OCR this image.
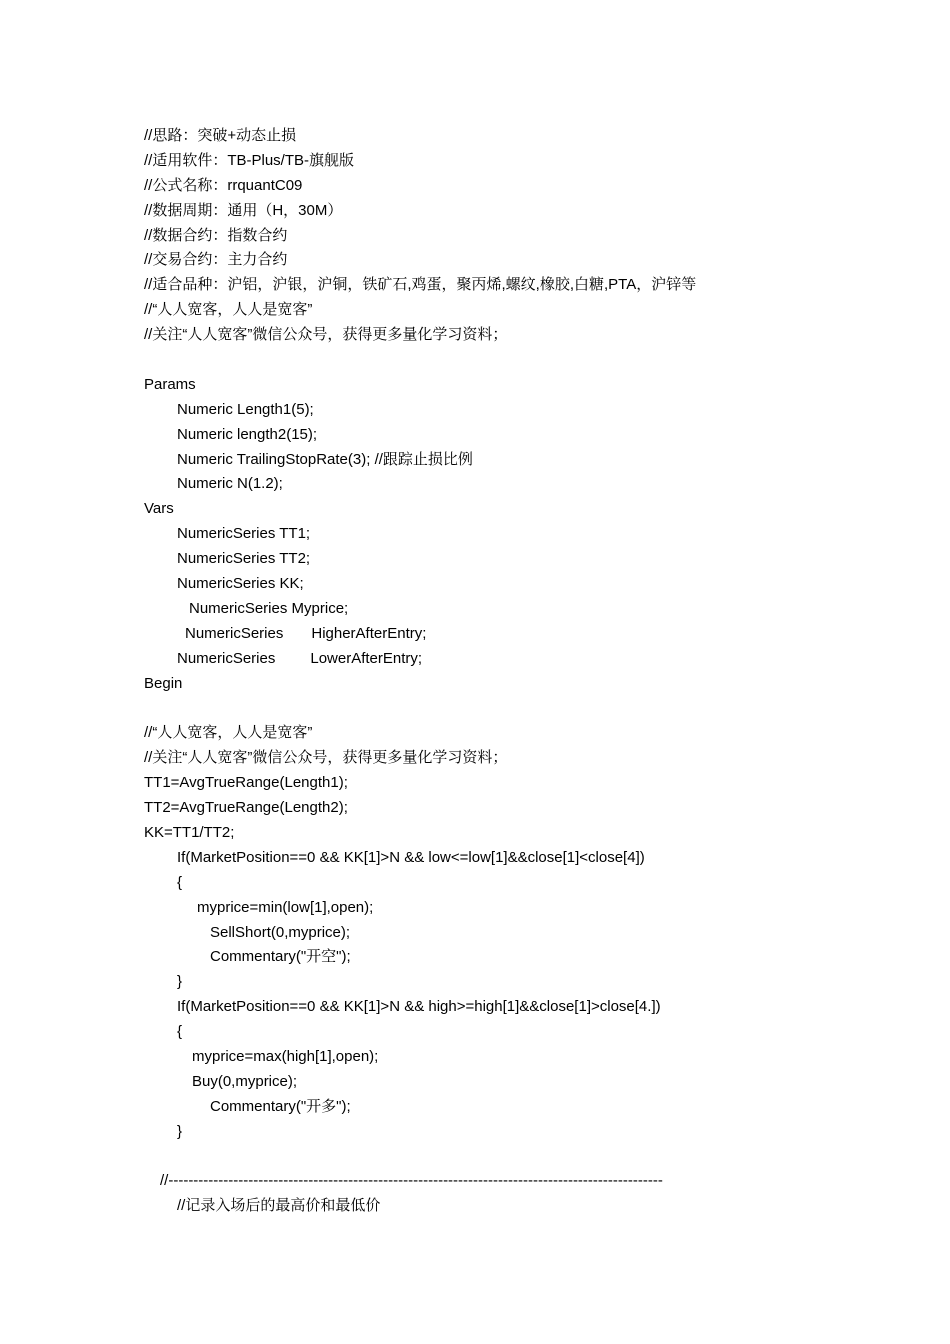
//思路：突破+动态止损
//适用软件：TB-Plus/TB-旗舰版
//公式名称：rrquantC09
//数据周期：通用（H，30M）
//数据合约：指数合约
//交易合约：主力合约
//适合品种：沪铝，沪银，沪铜，铁矿石,鸡蛋，聚丙烯,螺纹,橡胶,白糖,PTA，沪锌等
//“人人宽客，人人是宽客”
//关注“人人宽客”微信公众号，获得更多量化学习资料；
Params
Numeric Length1(5);
Numeric length2(15);
Numeric TrailingStopRate(3); //跟踪止损比例
Numeric N(1.2);
Vars
NumericSeries TT1;
NumericSeries TT2;
NumericSeries KK;
NumericSeries Myprice;
NumericSeries HigherAfterEntry;
NumericSeries LowerAfterEntry;
Begin
//“人人宽客，人人是宽客”
//关注“人人宽客”微信公众号，获得更多量化学习资料；
TT1=AvgTrueRange(Length1);
TT2=AvgTrueRange(Length2);
KK=TT1/TT2;
If(MarketPosition==0 && KK[1]>N && low<=low[1]&&close[1]<close[4])
{
myprice=min(low[1],open);
SellShort(0,myprice);
Commentary("开空");
}
If(MarketPosition==0 && KK[1]>N && high>=high[1]&&close[1]>close[4.])
{
myprice=max(high[1],open);
Buy(0,myprice);
Commentary("开多");
}
//---------------------------------------------------------------------------------------------------
//记录入场后的最高价和最低价
